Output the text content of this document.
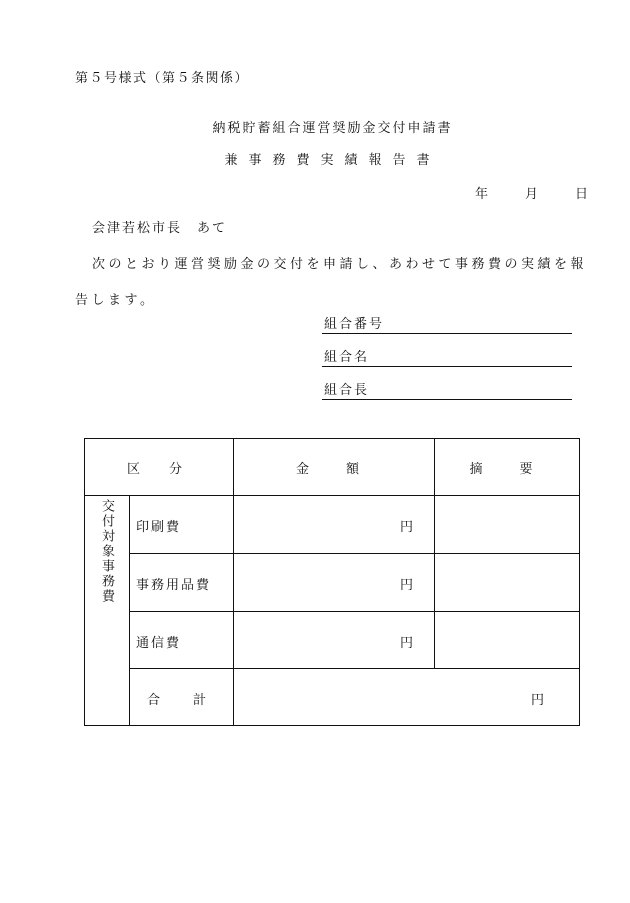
第５号様式（第５条関係）
納税貯蓄組合運営奨励金交付申請書
兼事務費実績報告書
年	月	日
会津若松市長　あて
次のとおり運営奨励金の交付を申請し、あわせて事務費の実績を報告します。
組合番号
組合名
組合長
区　分	金　額	摘　要
交付対象事務費 印刷費	円
事務用品費	円
通信費	円
合　計	円
